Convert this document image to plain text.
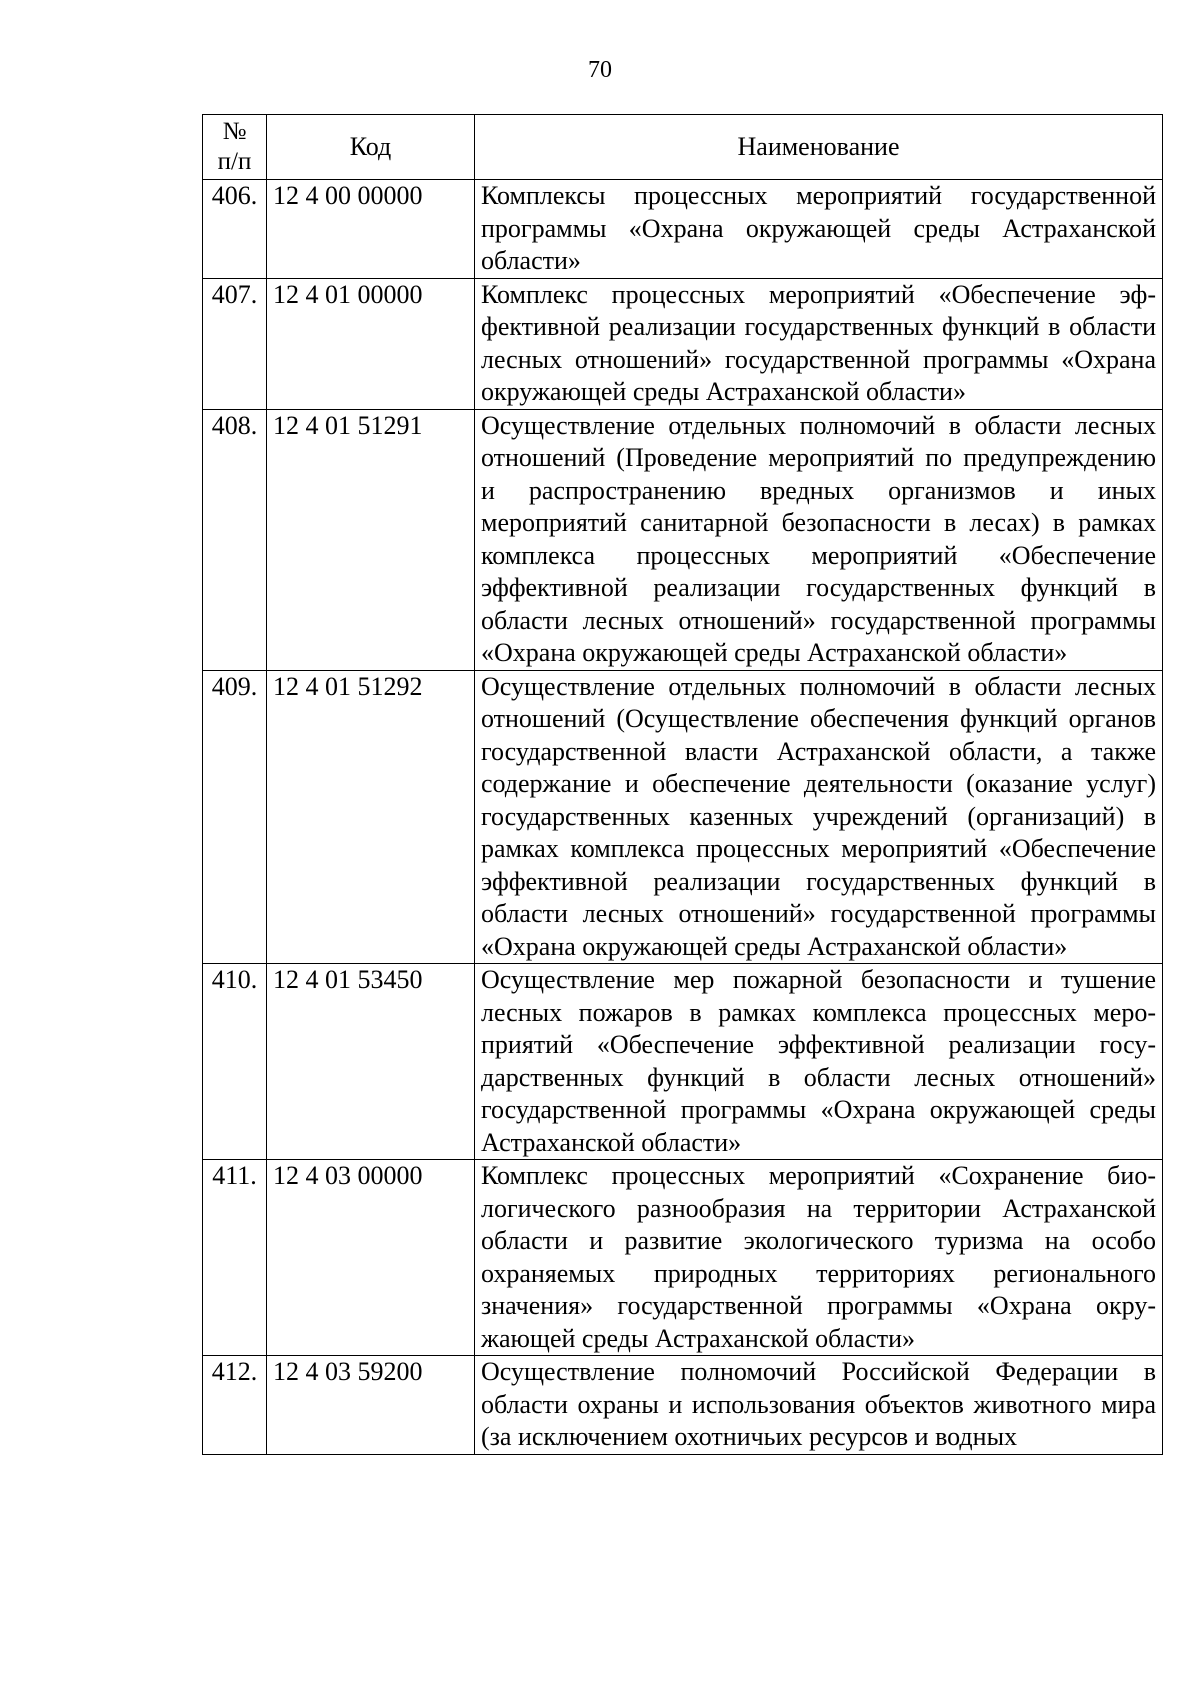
70
№
п/п	Код	Наименование
406.	12 4 00 00000	Комплексы процессных мероприятий государственной программы «Охрана окружающей среды Астраханской области»
407.	12 4 01 00000	Комплекс процессных мероприятий «Обеспечение эффективной реализации государственных функций в области лесных отношений» государственной программы «Охрана окружающей среды Астраханской области»
408.	12 4 01 51291	Осуществление отдельных полномочий в области лесных отношений (Проведение мероприятий по предупреждению и распространению вредных организмов и иных мероприятий санитарной безопасности в лесах) в рамках комплекса процессных мероприятий «Обеспечение эффективной реализации государственных функций в области лесных отношений» государственной программы «Охрана окружающей среды Астраханской области»
409.	12 4 01 51292	Осуществление отдельных полномочий в области лесных отношений (Осуществление обеспечения функций органов государственной власти Астраханской области, а также содержание и обеспечение деятельности (оказание услуг) государственных казенных учреждений (организаций) в рамках комплекса процессных мероприятий «Обеспечение эффективной реализации государственных функций в области лесных отношений» государственной программы «Охрана окружающей среды Астраханской области»
410.	12 4 01 53450	Осуществление мер пожарной безопасности и тушение лесных пожаров в рамках комплекса процессных мероприятий «Обеспечение эффективной реализации государственных функций в области лесных отношений» государственной программы «Охрана окружающей среды Астраханской области»
411.	12 4 03 00000	Комплекс процессных мероприятий «Сохранение биологического разнообразия на территории Астраханской области и развитие экологического туризма на особо охраняемых природных территориях регионального значения» государственной программы «Охрана окружающей среды Астраханской области»
412.	12 4 03 59200	Осуществление полномочий Российской Федерации в области охраны и использования объектов животного мира (за исключением охотничьих ресурсов и водных
